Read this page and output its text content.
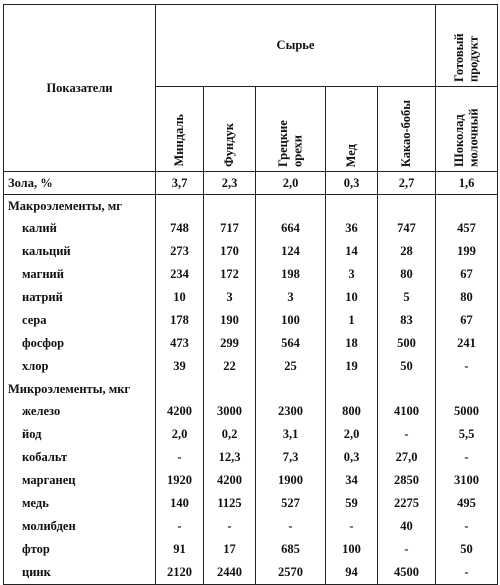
Показатели	Сырье					Готовый продукт
	Миндаль	Фундук	Грецкие орехи	Мед	Какао-бобы	Шоколад молочный
Зола, %	3,7	2,3	2,0	0,3	2,7	1,6
Макроэлементы, мг						
калий	748	717	664	36	747	457
кальций	273	170	124	14	28	199
магний	234	172	198	3	80	67
натрий	10	3	3	10	5	80
сера	178	190	100	1	83	67
фосфор	473	299	564	18	500	241
хлор	39	22	25	19	50	-
Микроэлементы, мкг						
железо	4200	3000	2300	800	4100	5000
йод	2,0	0,2	3,1	2,0	-	5,5
кобальт	-	12,3	7,3	0,3	27,0	-
марганец	1920	4200	1900	34	2850	3100
медь	140	1125	527	59	2275	495
молибден	-	-	-	-	40	-
фтор	91	17	685	100	-	50
цинк	2120	2440	2570	94	4500	-
